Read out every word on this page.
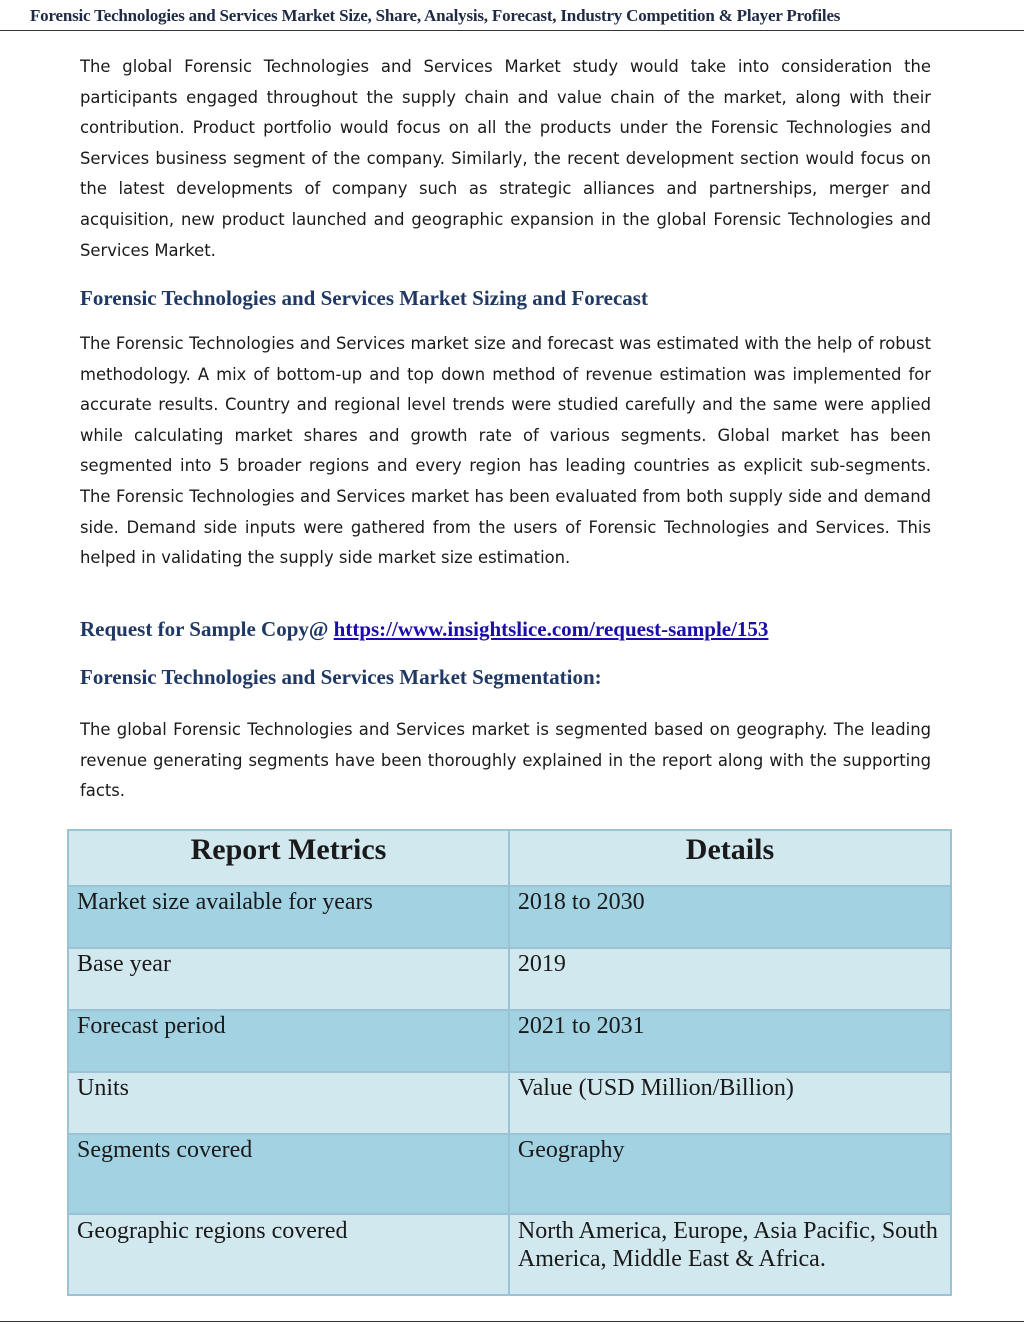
Forensic Technologies and Services Market Size, Share, Analysis, Forecast, Industry Competition & Player Profiles

The global Forensic Technologies and Services Market study would take into consideration the participants engaged throughout the supply chain and value chain of the market, along with their contribution. Product portfolio would focus on all the products under the Forensic Technologies and Services business segment of the company. Similarly, the recent development section would focus on the latest developments of company such as strategic alliances and partnerships, merger and acquisition, new product launched and geographic expansion in the global Forensic Technologies and Services Market.

Forensic Technologies and Services Market Sizing and Forecast

The Forensic Technologies and Services market size and forecast was estimated with the help of robust methodology. A mix of bottom-up and top down method of revenue estimation was implemented for accurate results. Country and regional level trends were studied carefully and the same were applied while calculating market shares and growth rate of various segments. Global market has been segmented into 5 broader regions and every region has leading countries as explicit sub-segments. The Forensic Technologies and Services market has been evaluated from both supply side and demand side. Demand side inputs were gathered from the users of Forensic Technologies and Services. This helped in validating the supply side market size estimation.

Request for Sample Copy@ https://www.insightslice.com/request-sample/153
Forensic Technologies and Services Market Segmentation:

The global Forensic Technologies and Services market is segmented based on geography. The leading revenue generating segments have been thoroughly explained in the report along with the supporting facts.

Report Metrics	Details
Market size available for years	2018 to 2030
Base year	2019
Forecast period	2021 to 2031
Units	Value (USD Million/Billion)
Segments covered	Geography
Geographic regions covered	North America, Europe, Asia Pacific, South America, Middle East & Africa.
